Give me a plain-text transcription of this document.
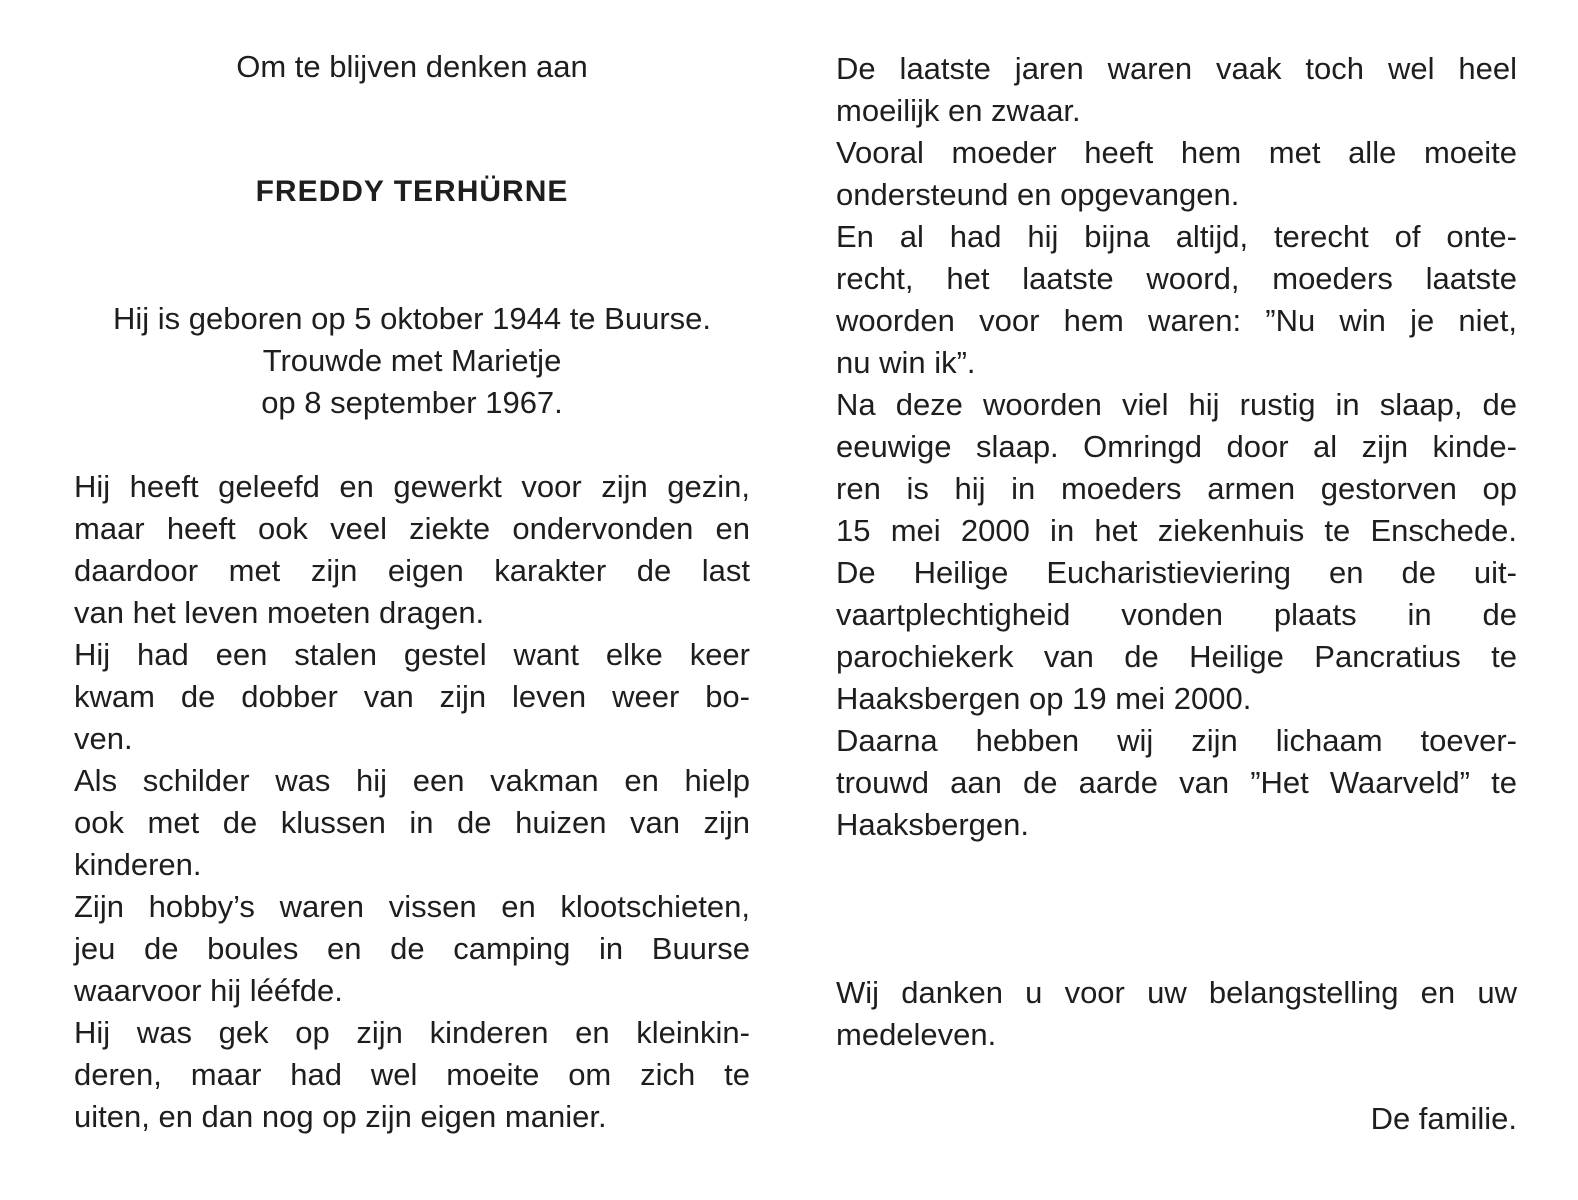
Om te blijven denken aan
FREDDY TERHÜRNE
Hij is geboren op 5 oktober 1944 te Buurse.
Trouwde met Marietje
op 8 september 1967.
Hij heeft geleefd en gewerkt voor zijn gezin,
maar heeft ook veel ziekte ondervonden en
daardoor met zijn eigen karakter de last
van het leven moeten dragen.
Hij had een stalen gestel want elke keer
kwam de dobber van zijn leven weer bo-
ven.
Als schilder was hij een vakman en hielp
ook met de klussen in de huizen van zijn
kinderen.
Zijn hobby’s waren vissen en klootschieten,
jeu de boules en de camping in Buurse
waarvoor hij lééfde.
Hij was gek op zijn kinderen en kleinkin-
deren, maar had wel moeite om zich te
uiten, en dan nog op zijn eigen manier.
De laatste jaren waren vaak toch wel heel
moeilijk en zwaar.
Vooral moeder heeft hem met alle moeite
ondersteund en opgevangen.
En al had hij bijna altijd, terecht of onte-
recht, het laatste woord, moeders laatste
woorden voor hem waren: ”Nu win je niet,
nu win ik”.
Na deze woorden viel hij rustig in slaap, de
eeuwige slaap. Omringd door al zijn kinde-
ren is hij in moeders armen gestorven op
15 mei 2000 in het ziekenhuis te Enschede.
De Heilige Eucharistieviering en de uit-
vaartplechtigheid vonden plaats in de
parochiekerk van de Heilige Pancratius te
Haaksbergen op 19 mei 2000.
Daarna hebben wij zijn lichaam toever-
trouwd aan de aarde van ”Het Waarveld” te
Haaksbergen.
Wij danken u voor uw belangstelling en uw
medeleven.
De familie.
